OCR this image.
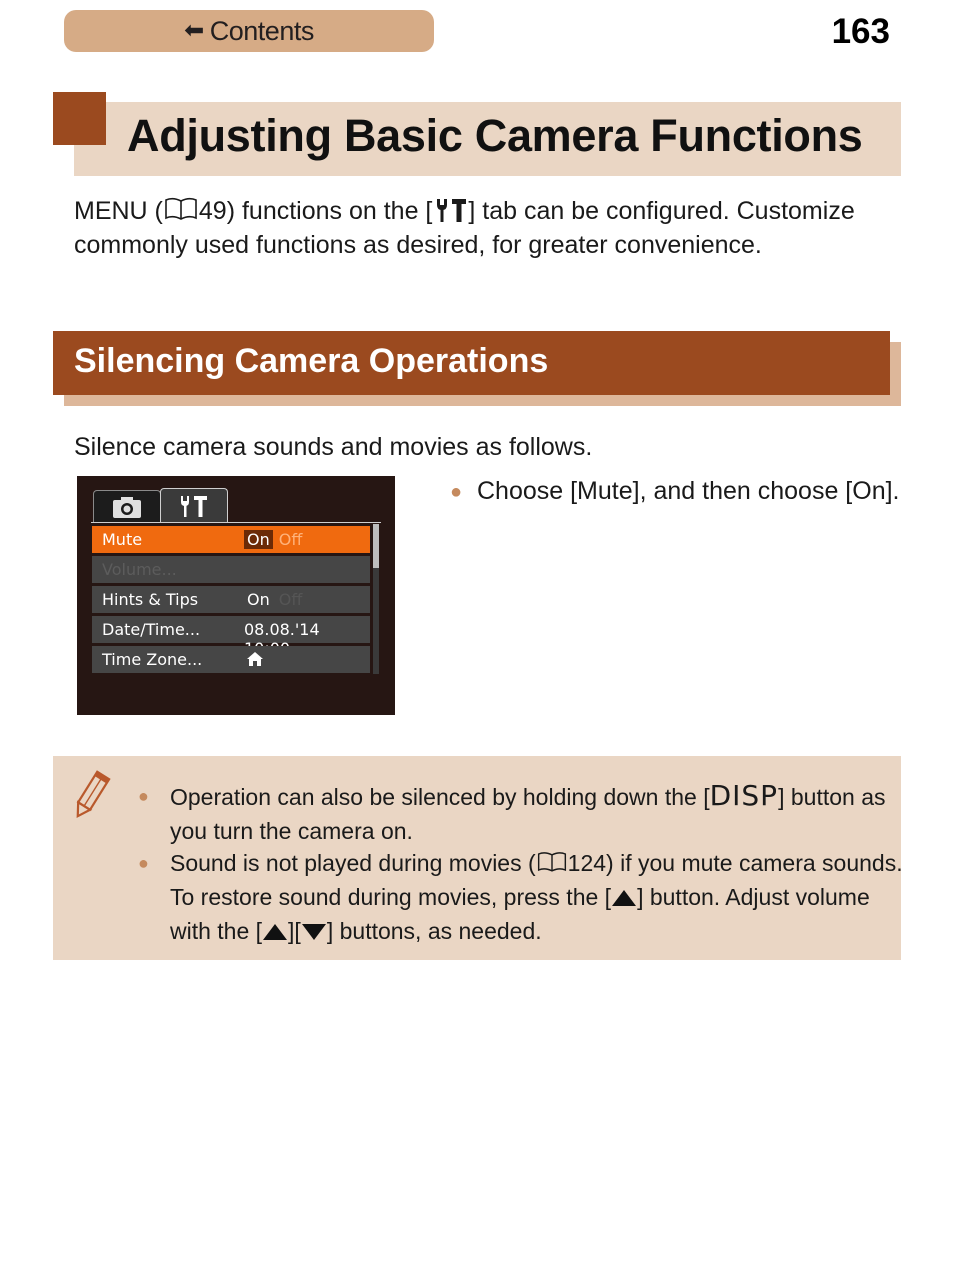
⬅ Contents	163
Adjusting Basic Camera Functions
MENU ( 49) functions on the [ ] tab can be configured. Customize commonly used functions as desired, for greater convenience.
Silencing Camera Operations
Silence camera sounds and movies as follows.
Mute	On Off
Volume...
Hints & Tips	On Off
Date/Time...	08.08.'14
Time Zone...
● Choose [Mute], and then choose [On].
● Operation can also be silenced by holding down the [DISP] button as you turn the camera on.
● Sound is not played during movies ( 124) if you mute camera sounds. To restore sound during movies, press the [ ] button. Adjust volume with the [ ][ ] buttons, as needed.
